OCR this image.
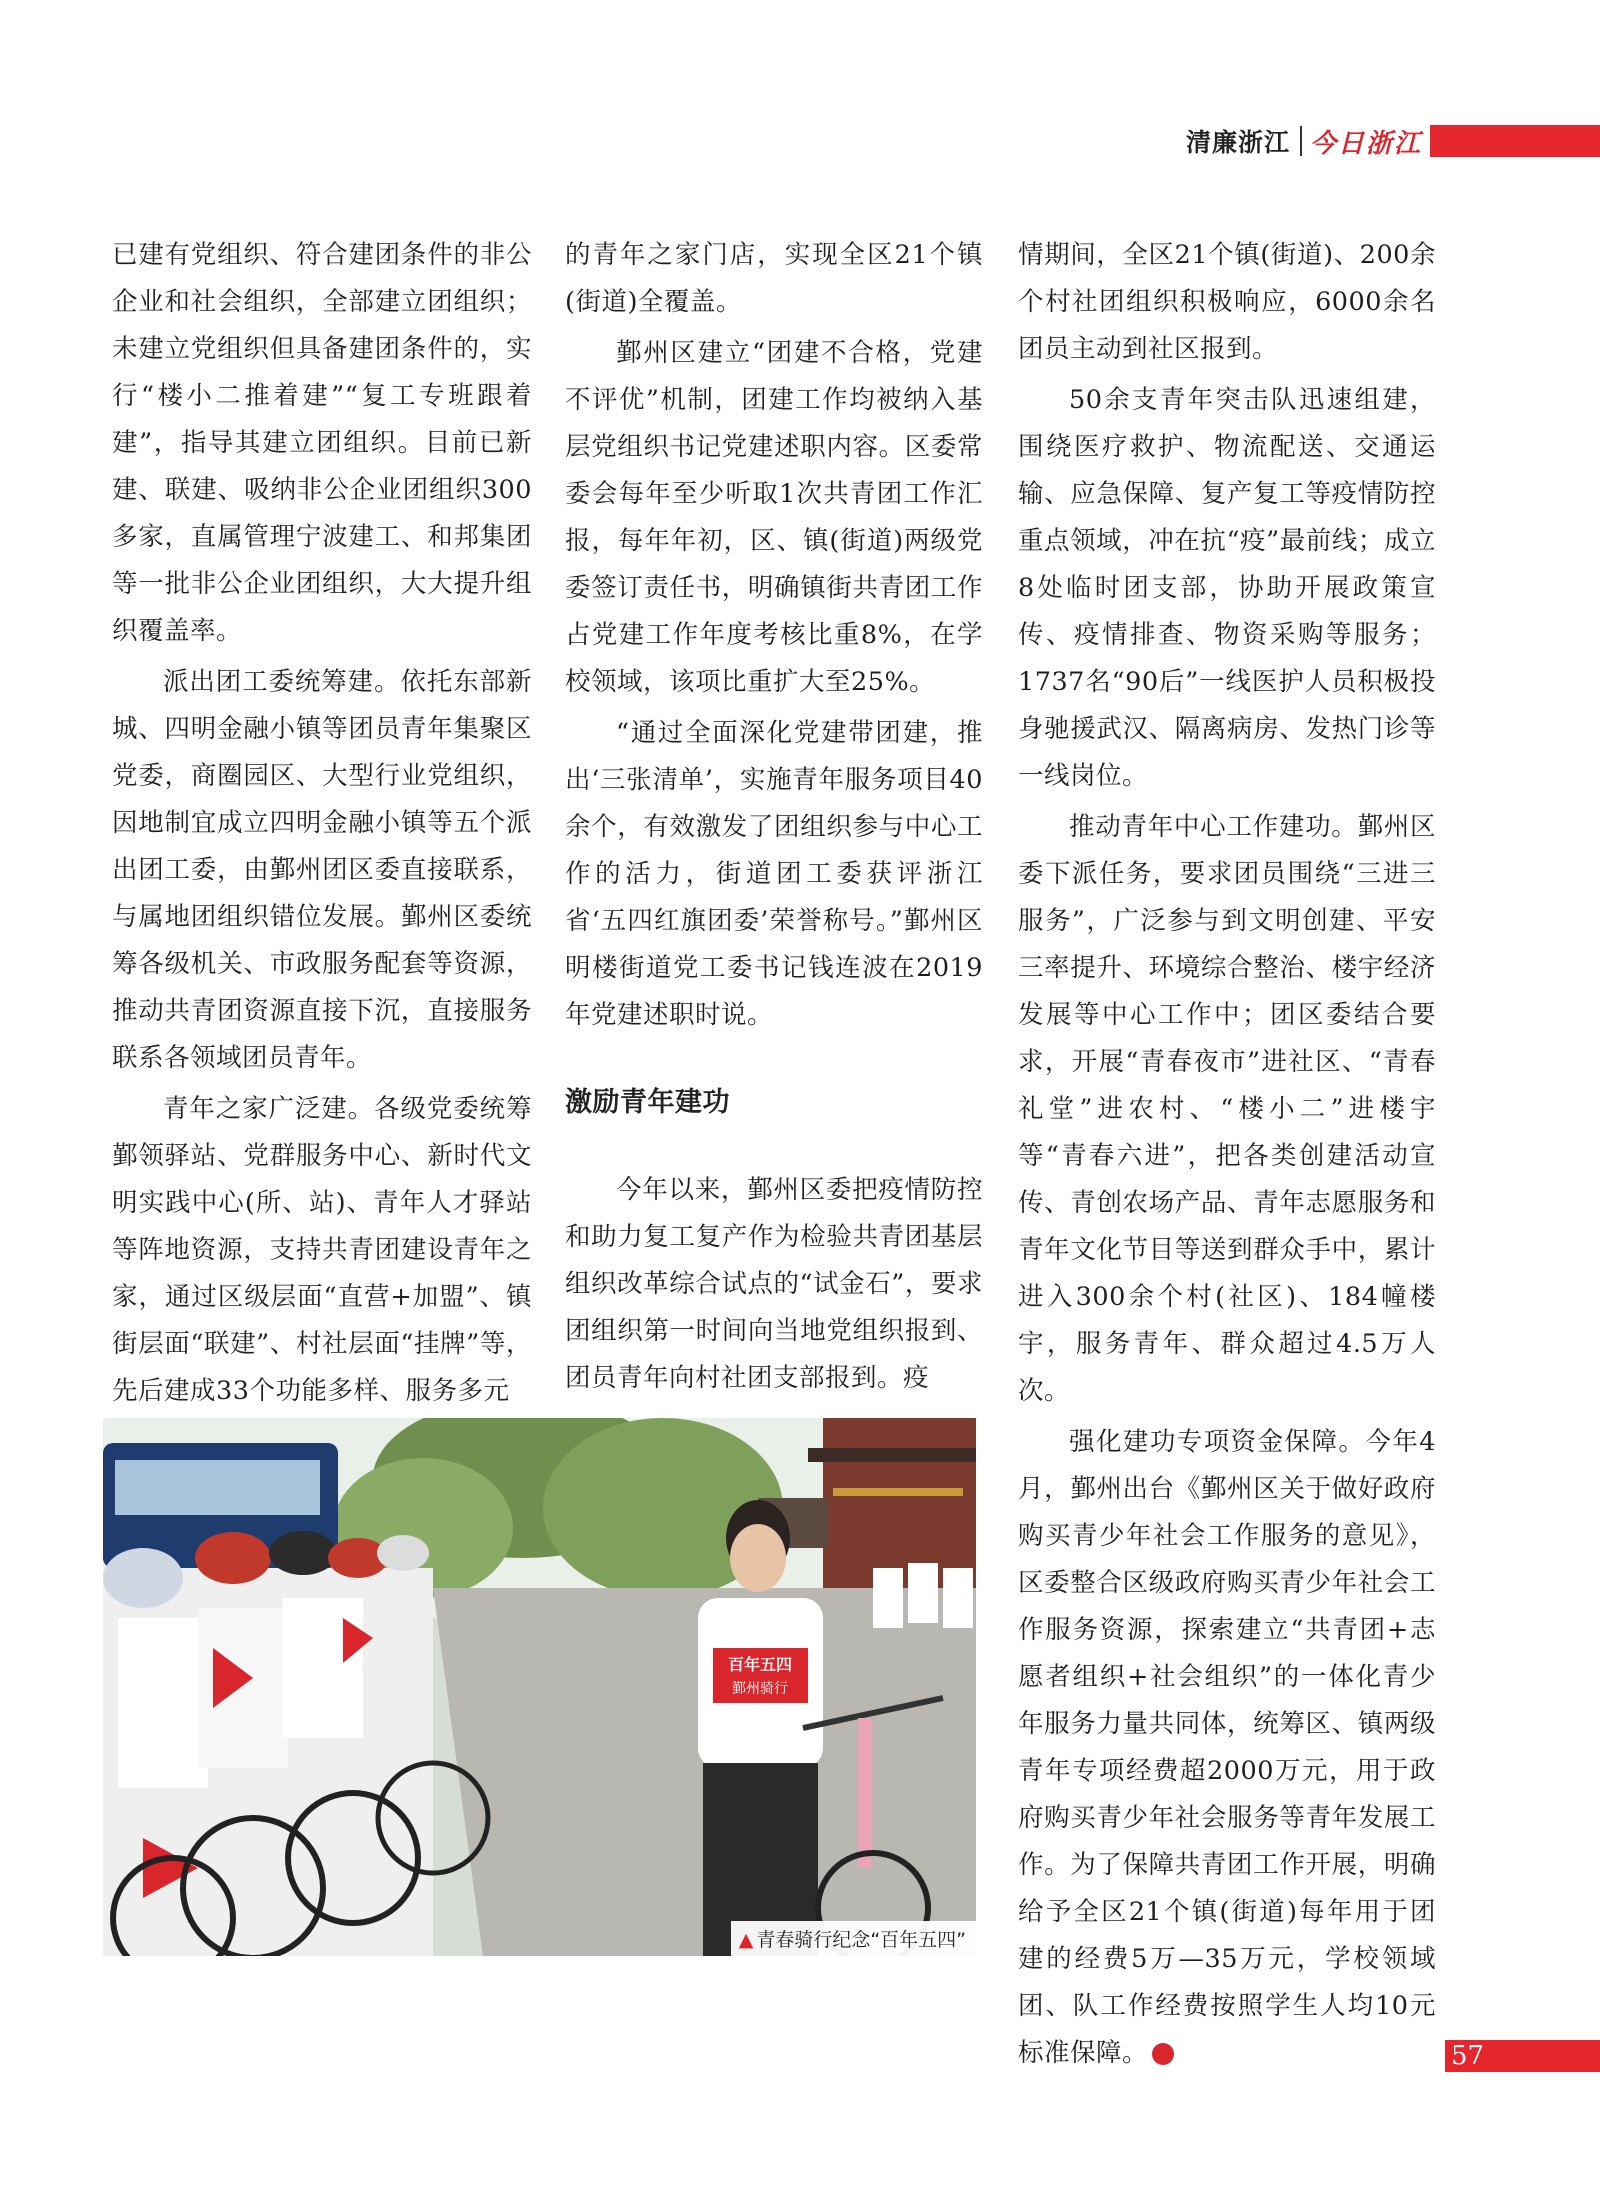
清廉浙江 今日浙江

已建有党组织、符合建团条件的非公企业和社会组织，全部建立团组织；未建立党组织但具备建团条件的，实行“楼小二推着建”“复工专班跟着建”，指导其建立团组织。目前已新建、联建、吸纳非公企业团组织300多家，直属管理宁波建工、和邦集团等一批非公企业团组织，大大提升组织覆盖率。

派出团工委统筹建。依托东部新城、四明金融小镇等团员青年集聚区党委，商圈园区、大型行业党组织，因地制宜成立四明金融小镇等五个派出团工委，由鄞州团区委直接联系，与属地团组织错位发展。鄞州区委统筹各级机关、市政服务配套等资源，推动共青团资源直接下沉，直接服务联系各领域团员青年。

青年之家广泛建。各级党委统筹鄞领驿站、党群服务中心、新时代文明实践中心(所、站)、青年人才驿站等阵地资源，支持共青团建设青年之家，通过区级层面“直营+加盟”、镇街层面“联建”、村社层面“挂牌”等，先后建成33个功能多样、服务多元

的青年之家门店，实现全区21个镇(街道)全覆盖。

鄞州区建立“团建不合格，党建不评优”机制，团建工作均被纳入基层党组织书记党建述职内容。区委常委会每年至少听取1次共青团工作汇报，每年年初，区、镇(街道)两级党委签订责任书，明确镇街共青团工作占党建工作年度考核比重8%，在学校领域，该项比重扩大至25%。

“通过全面深化党建带团建，推出‘三张清单’，实施青年服务项目40余个，有效激发了团组织参与中心工作的活力，街道团工委获评浙江省‘五四红旗团委’荣誉称号。”鄞州区明楼街道党工委书记钱连波在2019年党建述职时说。

激励青年建功

今年以来，鄞州区委把疫情防控和助力复工复产作为检验共青团基层组织改革综合试点的“试金石”，要求团组织第一时间向当地党组织报到、团员青年向村社团支部报到。疫

情期间，全区21个镇(街道)、200余个村社团组织积极响应，6000余名团员主动到社区报到。

50余支青年突击队迅速组建，围绕医疗救护、物流配送、交通运输、应急保障、复产复工等疫情防控重点领域，冲在抗“疫”最前线；成立8处临时团支部，协助开展政策宣传、疫情排查、物资采购等服务；1737名“90后”一线医护人员积极投身驰援武汉、隔离病房、发热门诊等一线岗位。

推动青年中心工作建功。鄞州区委下派任务，要求团员围绕“三进三服务”，广泛参与到文明创建、平安三率提升、环境综合整治、楼宇经济发展等中心工作中；团区委结合要求，开展“青春夜市”进社区、“青春礼堂”进农村、“楼小二”进楼宇等“青春六进”，把各类创建活动宣传、青创农场产品、青年志愿服务和青年文化节目等送到群众手中，累计进入300余个村(社区)、184幢楼宇，服务青年、群众超过4.5万人次。

强化建功专项资金保障。今年4月，鄞州出台《鄞州区关于做好政府购买青少年社会工作服务的意见》，区委整合区级政府购买青少年社会工作服务资源，探索建立“共青团+志愿者组织+社会组织”的一体化青少年服务力量共同体，统筹区、镇两级青年专项经费超2000万元，用于政府购买青少年社会服务等青年发展工作。为了保障共青团工作开展，明确给予全区21个镇(街道)每年用于团建的经费5万—35万元，学校领域团、队工作经费按照学生人均10元标准保障。	今

百年五四
鄞州骑行
▲ 青春骑行纪念“百年五四”
57
